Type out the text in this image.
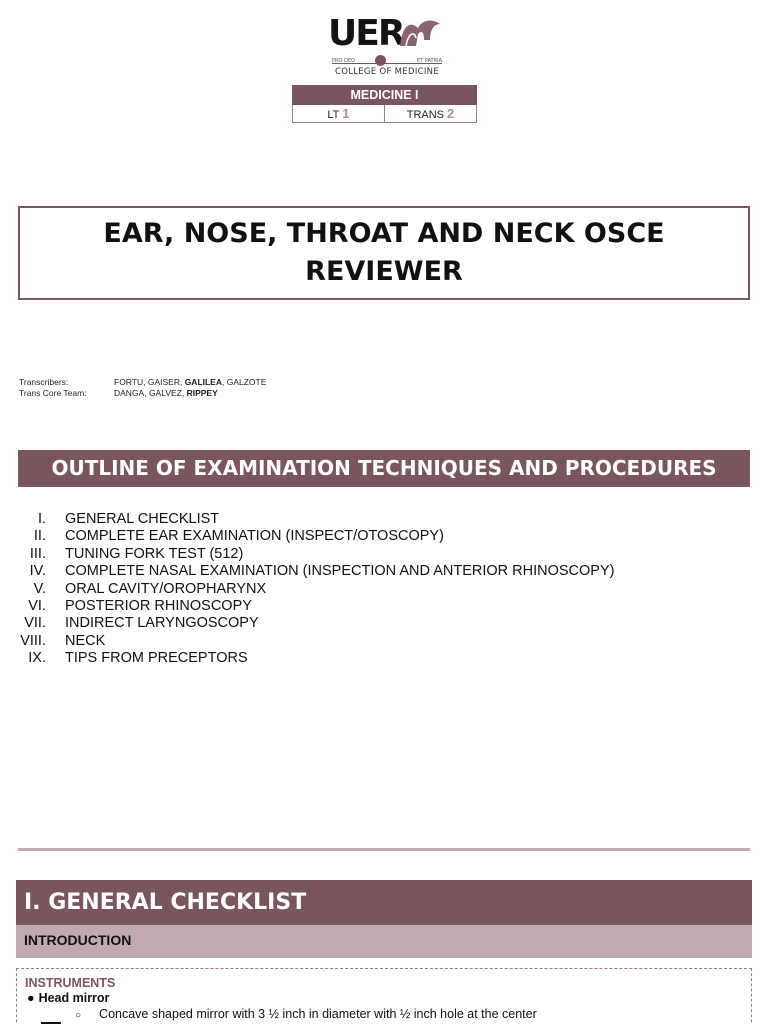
UER
PRO DEO	ET PATRIA
COLLEGE OF MEDICINE
MEDICINE I
LT 1	TRANS 2
EAR, NOSE, THROAT AND NECK OSCE
REVIEWER
Transcribers:	FORTU, GAISER, GALILEA, GALZOTE
Trans Core Team:	DANGA, GALVEZ, RIPPEY
OUTLINE OF EXAMINATION TECHNIQUES AND PROCEDURES
I. GENERAL CHECKLIST
II. COMPLETE EAR EXAMINATION (INSPECT/OTOSCOPY)
III. TUNING FORK TEST (512)
IV. COMPLETE NASAL EXAMINATION (INSPECTION AND ANTERIOR RHINOSCOPY)
V. ORAL CAVITY/OROPHARYNX
VI. POSTERIOR RHINOSCOPY
VII. INDIRECT LARYNGOSCOPY
VIII. NECK
IX. TIPS FROM PRECEPTORS
I. GENERAL CHECKLIST
INTRODUCTION
INSTRUMENTS
● Head mirror
○ Concave shaped mirror with 3 ½ inch in diameter with ½ inch hole at the center
